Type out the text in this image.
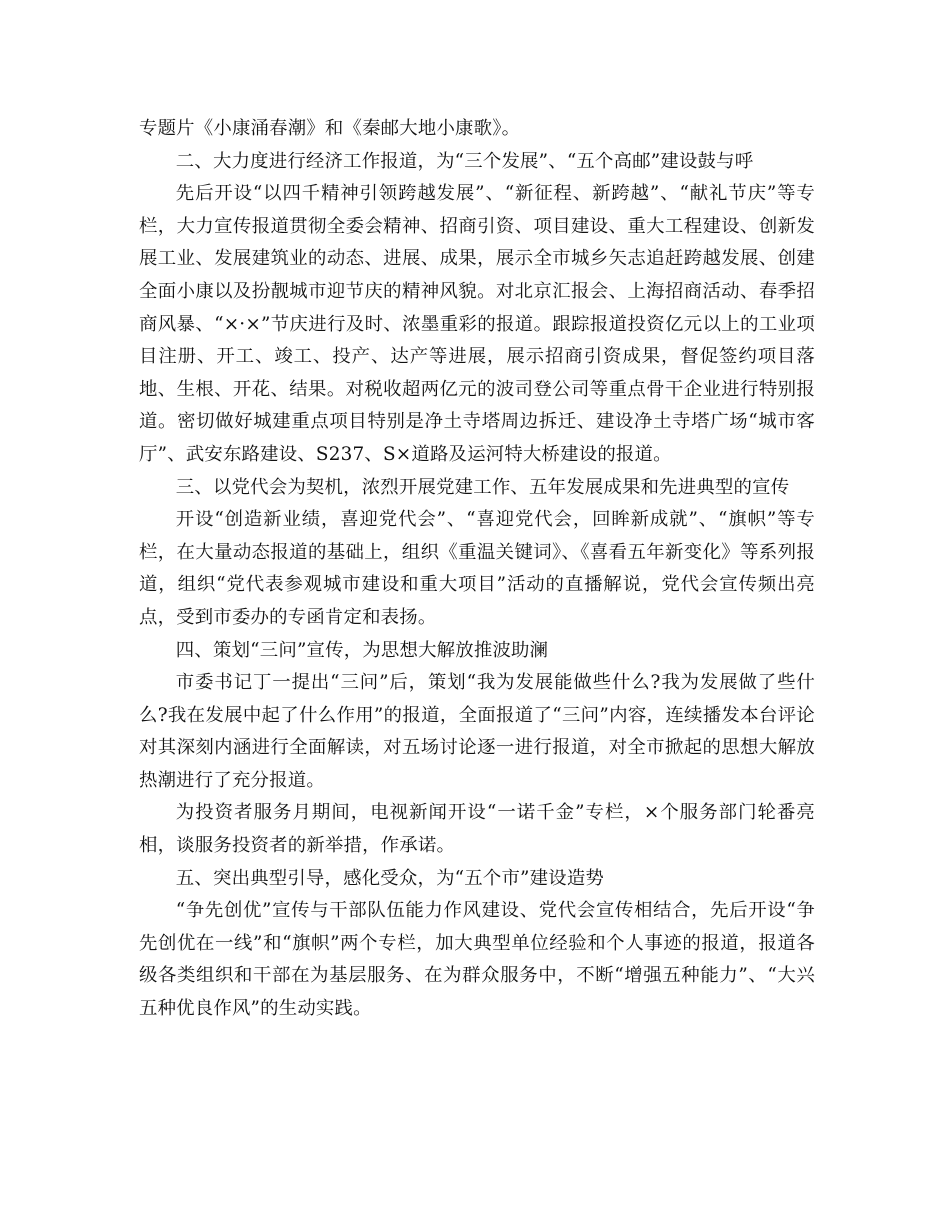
专题片《小康涌春潮》和《秦邮大地小康歌》。

二、大力度进行经济工作报道，为“三个发展”、“五个高邮”建设鼓与呼

先后开设“以四千精神引领跨越发展”、“新征程、新跨越”、“献礼节庆”等专栏，大力宣传报道贯彻全委会精神、招商引资、项目建设、重大工程建设、创新发展工业、发展建筑业的动态、进展、成果，展示全市城乡矢志追赶跨越发展、创建全面小康以及扮靓城市迎节庆的精神风貌。对北京汇报会、上海招商活动、春季招商风暴、“×·×”节庆进行及时、浓墨重彩的报道。跟踪报道投资亿元以上的工业项目注册、开工、竣工、投产、达产等进展，展示招商引资成果，督促签约项目落地、生根、开花、结果。对税收超两亿元的波司登公司等重点骨干企业进行特别报道。密切做好城建重点项目特别是净土寺塔周边拆迁、建设净土寺塔广场“城市客厅”、武安东路建设、S237、S×道路及运河特大桥建设的报道。

三、以党代会为契机，浓烈开展党建工作、五年发展成果和先进典型的宣传

开设“创造新业绩，喜迎党代会”、“喜迎党代会，回眸新成就”、“旗帜”等专栏，在大量动态报道的基础上，组织《重温关键词》、《喜看五年新变化》等系列报道，组织“党代表参观城市建设和重大项目”活动的直播解说，党代会宣传频出亮点，受到市委办的专函肯定和表扬。

四、策划“三问”宣传，为思想大解放推波助澜

市委书记丁一提出“三问”后，策划“我为发展能做些什么?我为发展做了些什么?我在发展中起了什么作用”的报道，全面报道了“三问”内容，连续播发本台评论对其深刻内涵进行全面解读，对五场讨论逐一进行报道，对全市掀起的思想大解放热潮进行了充分报道。

为投资者服务月期间，电视新闻开设“一诺千金”专栏，×个服务部门轮番亮相，谈服务投资者的新举措，作承诺。

五、突出典型引导，感化受众，为“五个市”建设造势

“争先创优”宣传与干部队伍能力作风建设、党代会宣传相结合，先后开设“争先创优在一线”和“旗帜”两个专栏，加大典型单位经验和个人事迹的报道，报道各级各类组织和干部在为基层服务、在为群众服务中，不断“增强五种能力”、“大兴五种优良作风”的生动实践。
